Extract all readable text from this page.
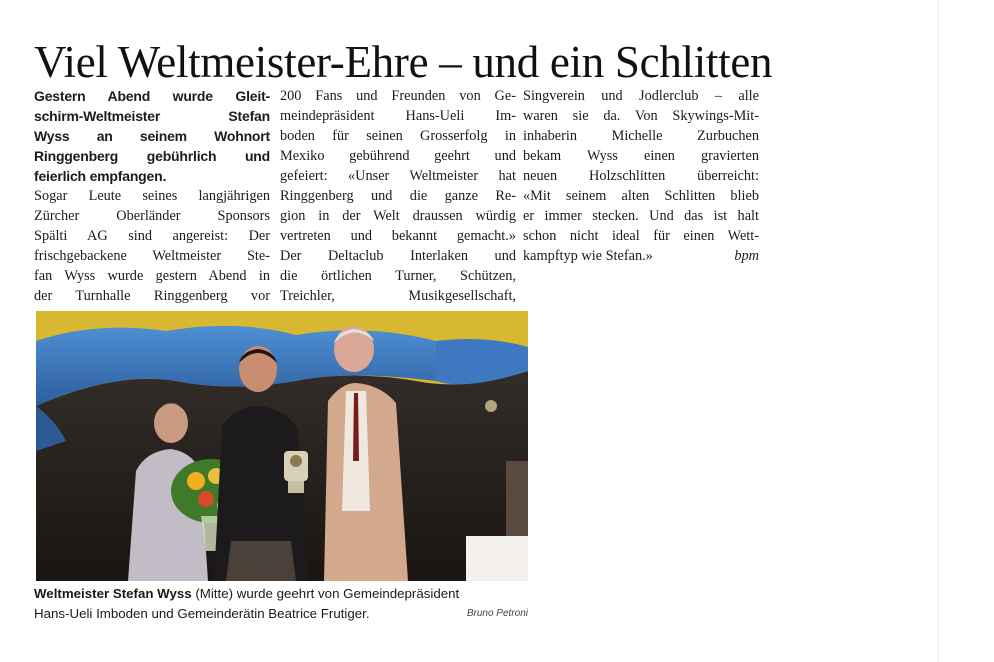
Viel Weltmeister-Ehre – und ein Schlitten
Gestern Abend wurde Gleit-
schirm-Weltmeister Stefan
Wyss an seinem Wohnort
Ringgenberg gebührlich und
feierlich empfangen.
Sogar Leute seines langjährigen
Zürcher Oberländer Sponsors
Spälti AG sind angereist: Der
frischgebackene Weltmeister Ste-
fan Wyss wurde gestern Abend in
der Turnhalle Ringgenberg vor
200 Fans und Freunden von Ge-
meindepräsident Hans-Ueli Im-
boden für seinen Grosserfolg in
Mexiko gebührend geehrt und
gefeiert: «Unser Weltmeister hat
Ringgenberg und die ganze Re-
gion in der Welt draussen würdig
vertreten und bekannt gemacht.»
Der Deltaclub Interlaken und
die örtlichen Turner, Schützen,
Treichler, Musikgesellschaft,
Singverein und Jodlerclub – alle
waren sie da. Von Skywings-Mit-
inhaberin Michelle Zurbuchen
bekam Wyss einen gravierten
neuen Holzschlitten überreicht:
«Mit seinem alten Schlitten blieb
er immer stecken. Und das ist halt
schon nicht ideal für einen Wett-
kampftyp wie Stefan.»	bpm
Weltmeister Stefan Wyss (Mitte) wurde geehrt von Gemeindepräsident
Hans-Ueli Imboden und Gemeinderätin Beatrice Frutiger.	Bruno Petroni
